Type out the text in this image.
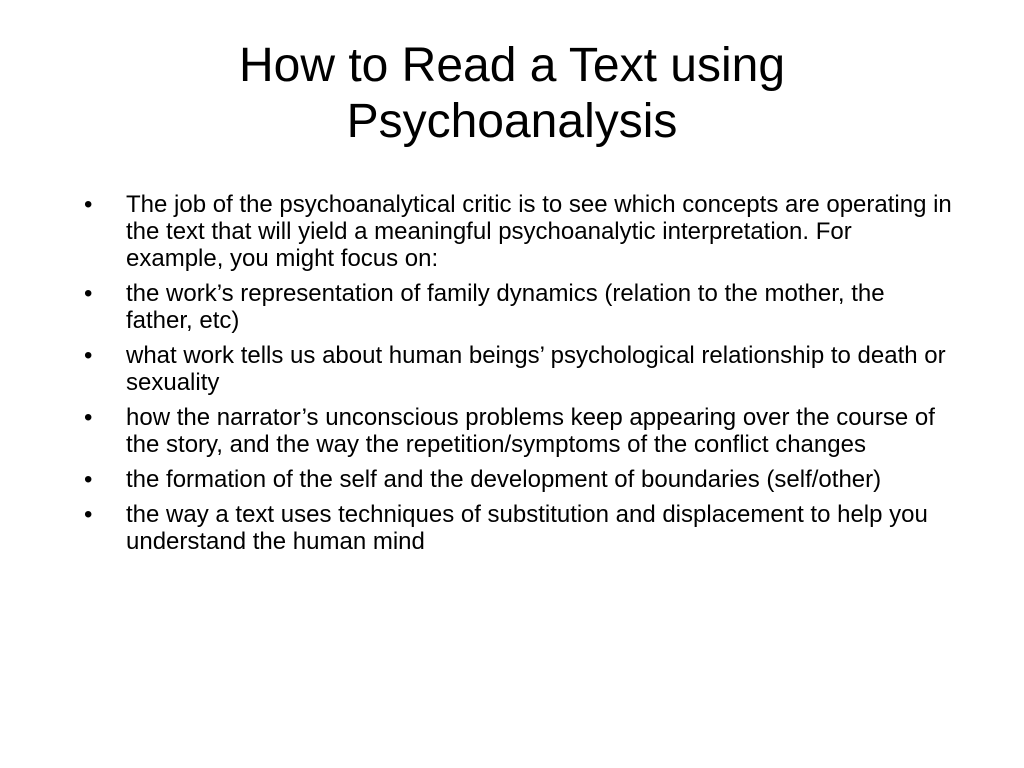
How to Read a Text using
Psychoanalysis
•	The job of the psychoanalytical critic is to see which concepts are operating in the text that will yield a meaningful psychoanalytic interpretation. For example, you might focus on:
•	the work’s representation of family dynamics (relation to the mother, the father, etc)
•	what work tells us about human beings’ psychological relationship to death or sexuality
•	how the narrator’s unconscious problems keep appearing over the course of the story, and the way the repetition/symptoms of the conflict changes
•	the formation of the self and the development of boundaries (self/other)
•	the way a text uses techniques of substitution and displacement to help you understand the human mind
